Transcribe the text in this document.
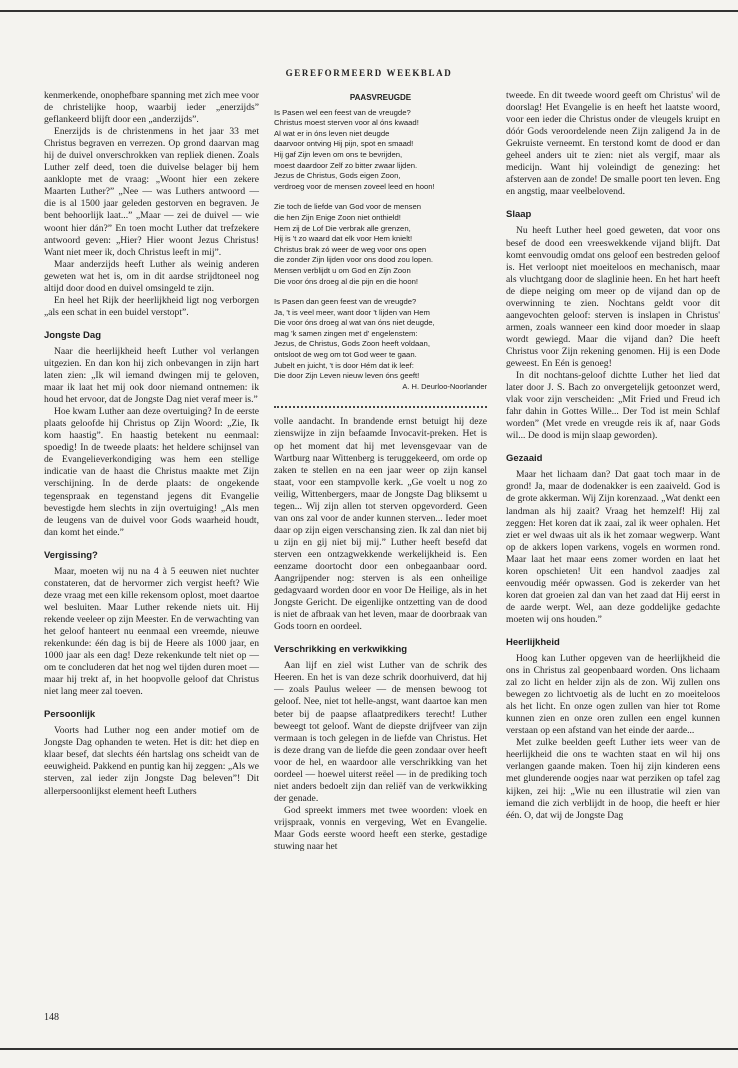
GEREFORMEERD WEEKBLAD

kenmerkende, onophefbare spanning met zich mee voor de christelijke hoop, waarbij ieder „enerzijds” geflankeerd blijft door een „anderzijds”.

Enerzijds is de christenmens in het jaar 33 met Christus begraven en verrezen. Op grond daarvan mag hij de duivel onverschrokken van repliek dienen. Zoals Luther zelf deed, toen die duivelse belager bij hem aanklopte met de vraag: „Woont hier een zekere Maarten Luther?” „Nee — was Luthers antwoord — die is al 1500 jaar geleden gestorven en begraven. Je bent behoorlijk laat...” „Maar — zei de duivel — wie woont hier dán?” En toen mocht Luther dat trefzekere antwoord geven: „Hier? Hier woont Jezus Christus! Want niet meer ik, doch Christus leeft in mij”.

Maar anderzijds heeft Luther als weinig anderen geweten wat het is, om in dit aardse strijdtoneel nog altijd door dood en duivel omsingeld te zijn.

En heel het Rijk der heerlijkheid ligt nog verborgen „als een schat in een buidel verstopt”.

Jongste Dag

Naar die heerlijkheid heeft Luther vol verlangen uitgezien. En dan kon hij zich onbevangen in zijn hart laten zien: „Ik wil iemand dwingen mij te geloven, maar ik laat het mij ook door niemand ontnemen: ik houd het ervoor, dat de Jongste Dag niet veraf meer is.”

Hoe kwam Luther aan deze overtuiging? In de eerste plaats geloofde hij Christus op Zijn Woord: „Zie, Ik kom haastig”. En haastig betekent nu eenmaal: spoedig! In de tweede plaats: het heldere schijnsel van de Evangelieverkondiging was hem een stellige indicatie van de haast die Christus maakte met Zijn verschijning. In de derde plaats: de ongekende tegenspraak en tegenstand jegens dit Evangelie bevestigde hem slechts in zijn overtuiging! „Als men de leugens van de duivel voor Gods waarheid houdt, dan komt het einde.”

Vergissing?

Maar, moeten wij nu na 4 à 5 eeuwen niet nuchter constateren, dat de hervormer zich vergist heeft? Wie deze vraag met een kille rekensom oplost, moet daartoe wel besluiten. Maar Luther rekende niets uit. Hij rekende veeleer op zijn Meester. En de verwachting van het geloof hanteert nu eenmaal een vreemde, nieuwe rekenkunde: één dag is bij de Heere als 1000 jaar, en 1000 jaar als een dag! Deze rekenkunde telt niet op — om te concluderen dat het nog wel tijden duren moet — maar hij trekt af, in het hoopvolle geloof dat Christus niet lang meer zal toeven.

Persoonlijk

Voorts had Luther nog een ander motief om de Jongste Dag ophanden te weten. Het is dit: het diep en klaar besef, dat slechts één hartslag ons scheidt van de eeuwigheid. Pakkend en puntig kan hij zeggen: „Als we sterven, zal ieder zijn Jongste Dag beleven”! Dit allerpersoonlijkst element heeft Luthers

PAASVREUGDE
Is Pasen wel een feest van de vreugde?
Christus moest sterven voor al óns kwaad!
Al wat er in óns leven niet deugde
daarvoor ontving Hij pijn, spot en smaad!
Hij gaf Zijn leven om ons te bevrijden,
moest daardoor Zelf zo bitter zwaar lijden.
Jezus de Christus, Gods eigen Zoon,
verdroeg voor de mensen zoveel leed en hoon!
Zie toch de liefde van God voor de mensen
die hen Zijn Enige Zoon niet onthield!
Hem zij de Lof Die verbrak alle grenzen,
Hij is 't zo waard dat elk voor Hem knielt!
Christus brak zó weer de weg voor ons open
die zonder Zijn lijden voor ons dood zou lopen.
Mensen verblijdt u om God en Zijn Zoon
Die voor óns droeg al die pijn en die hoon!
Is Pasen dan geen feest van de vreugde?
Ja, 't is veel meer, want door 't lijden van Hem
Die voor óns droeg al wat van óns niet deugde,
mag 'k samen zingen met d' engelenstem:
Jezus, de Christus, Gods Zoon heeft voldaan,
ontsloot de weg om tot God weer te gaan.
Jubelt en juicht, 't is door Hém dat ik leef:
Die door Zijn Leven nieuw leven óns geeft!
A. H. Deurloo-Noorlander

volle aandacht. In brandende ernst betuigt hij deze zienswijze in zijn befaamde Invocavit-preken. Het is op het moment dat hij met levensgevaar van de Wartburg naar Wittenberg is teruggekeerd, om orde op zaken te stellen en na een jaar weer op zijn kansel staat, voor een stampvolle kerk. „Ge voelt u nog zo veilig, Wittenbergers, maar de Jongste Dag bliksemt u tegen... Wij zijn allen tot sterven opgevorderd. Geen van ons zal voor de ander kunnen sterven... Ieder moet daar op zijn eigen verschansing zien. Ik zal dan niet bij u zijn en gij niet bij mij.” Luther heeft besefd dat sterven een ontzagwekkende werkelijkheid is. Een eenzame doortocht door een onbegaanbaar oord. Aangrijpender nog: sterven is als een onheilige gedagvaard worden door en voor De Heilige, als in het Jongste Gericht. De eigenlijke ontzetting van de dood is niet de afbraak van het leven, maar de doorbraak van Gods toorn en oordeel.

Verschrikking en verkwikking

Aan lijf en ziel wist Luther van de schrik des Heeren. En het is van deze schrik doorhuiverd, dat hij — zoals Paulus weleer — de mensen bewoog tot geloof. Nee, niet tot helle-angst, want daartoe kan men beter bij de paapse aflaatpredikers terecht! Luther beweegt tot geloof. Want de diepste drijfveer van zijn vermaan is toch gelegen in de liefde van Christus. Het is deze drang van de liefde die geen zondaar over heeft voor de hel, en waardoor alle verschrikking van het oordeel — hoewel uiterst reëel — in de prediking toch niet anders bedoelt zijn dan reliëf van de verkwikking der genade.

God spreekt immers met twee woorden: vloek en vrijspraak, vonnis en vergeving, Wet en Evangelie. Maar Gods eerste woord heeft een sterke, gestadige stuwing naar het

tweede. En dit tweede woord geeft om Christus' wil de doorslag! Het Evangelie is en heeft het laatste woord, voor een ieder die Christus onder de vleugels kruipt en dóór Gods veroordelende neen Zijn zaligend Ja in de Gekruiste verneemt. En terstond komt de dood er dan geheel anders uit te zien: niet als vergif, maar als medicijn. Want hij voleindigt de genezing: het afsterven aan de zonde! De smalle poort ten leven. Eng en angstig, maar veelbelovend.

Slaap

Nu heeft Luther heel goed geweten, dat voor ons besef de dood een vreeswekkende vijand blijft. Dat komt eenvoudig omdat ons geloof een bestreden geloof is. Het verloopt niet moeiteloos en mechanisch, maar als vluchtgang door de slaglinie heen. En het hart heeft de diepe neiging om meer op de vijand dan op de overwinning te zien. Nochtans geldt voor dit aangevochten geloof: sterven is inslapen in Christus' armen, zoals wanneer een kind door moeder in slaap wordt gewiegd. Maar die vijand dan? Die heeft Christus voor Zijn rekening genomen. Hij is een Dode geweest. En Eén is genoeg!

In dit nochtans-geloof dichtte Luther het lied dat later door J. S. Bach zo onvergetelijk getoonzet werd, vlak voor zijn verscheiden: „Mit Fried und Freud ich fahr dahin in Gottes Wille... Der Tod ist mein Schlaf worden” (Met vrede en vreugde reis ik af, naar Gods wil... De dood is mijn slaap geworden).

Gezaaid

Maar het lichaam dan? Dat gaat toch maar in de grond! Ja, maar de dodenakker is een zaaiveld. God is de grote akkerman. Wij Zijn korenzaad. „Wat denkt een landman als hij zaait? Vraag het hemzelf! Hij zal zeggen: Het koren dat ik zaai, zal ik weer ophalen. Het ziet er wel dwaas uit als ik het zomaar wegwerp. Want op de akkers lopen varkens, vogels en wormen rond. Maar laat het maar eens zomer worden en laat het koren opschieten! Uit een handvol zaadjes zal eenvoudig méér opwassen. God is zekerder van het koren dat groeien zal dan van het zaad dat Hij eerst in de aarde werpt. Wel, aan deze goddelijke gedachte moeten wij ons houden.”

Heerlijkheid

Hoog kan Luther opgeven van de heerlijkheid die ons in Christus zal geopenbaard worden. Ons lichaam zal zo licht en helder zijn als de zon. Wij zullen ons bewegen zo lichtvoetig als de lucht en zo moeiteloos als het licht. En onze ogen zullen van hier tot Rome kunnen zien en onze oren zullen een engel kunnen verstaan op een afstand van het einde der aarde...

Met zulke beelden geeft Luther iets weer van de heerlijkheid die ons te wachten staat en wil hij ons verlangen gaande maken. Toen hij zijn kinderen eens met glunderende oogjes naar wat perziken op tafel zag kijken, zei hij: „Wie nu een illustratie wil zien van iemand die zich verblijdt in de hoop, die heeft er hier één. O, dat wij de Jongste Dag

148
